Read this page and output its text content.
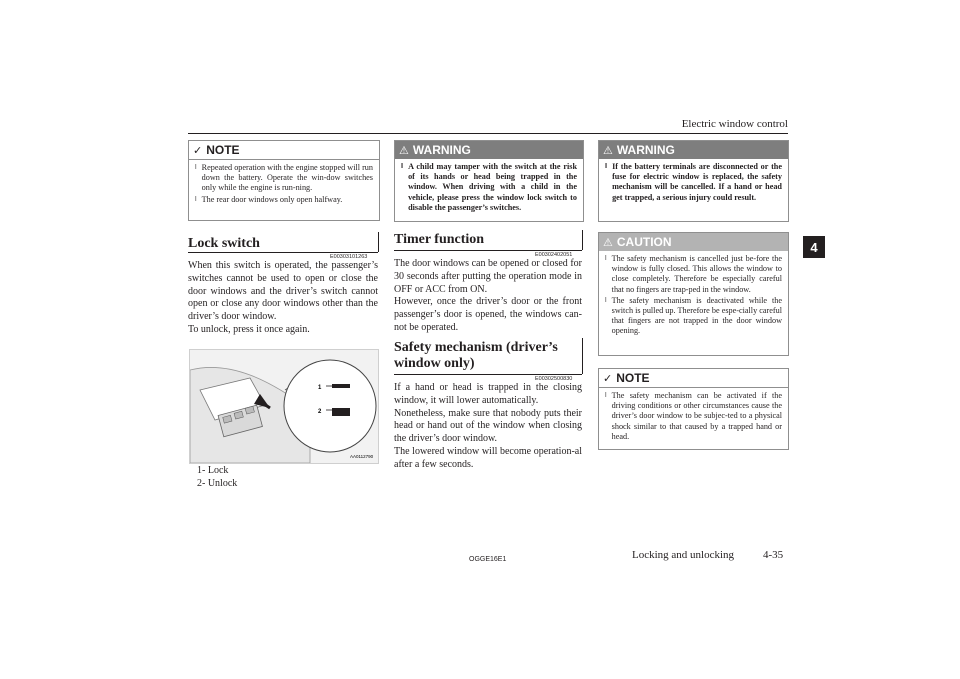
Electric window control
4
✓ NOTE
l Repeated operation with the engine stopped will run down the battery. Operate the win-dow switches only while the engine is run-ning.
l The rear door windows only open halfway.
Lock switch
E00303101263
When this switch is operated, the passenger’s switches cannot be used to open or close the door windows and the driver’s switch cannot open or close any door windows other than the driver’s door window.
To unlock, press it once again.
1
2
AA0112790
1- Lock
2- Unlock
⚠ WARNING
l A child may tamper with the switch at the risk of its hands or head being trapped in the window. When driving with a child in the vehicle, please press the window lock switch to disable the passenger’s switches.
Timer function
E00302402051
The door windows can be opened or closed for 30 seconds after putting the operation mode in OFF or ACC from ON.
However, once the driver’s door or the front passenger’s door is opened, the windows can-not be operated.
Safety mechanism (driver’s
window only)
E00302500830
If a hand or head is trapped in the closing window, it will lower automatically.
Nonetheless, make sure that nobody puts their head or hand out of the window when closing the driver’s door window.
The lowered window will become operation-al after a few seconds.
⚠ WARNING
l If the battery terminals are disconnected or the fuse for electric window is replaced, the safety mechanism will be cancelled. If a hand or head get trapped, a serious injury could result.
⚠ CAUTION
l The safety mechanism is cancelled just be-fore the window is fully closed. This allows the window to close completely. Therefore be especially careful that no fingers are trap-ped in the window.
l The safety mechanism is deactivated while the switch is pulled up. Therefore be espe-cially careful that fingers are not trapped in the door window opening.
✓ NOTE
l The safety mechanism can be activated if the driving conditions or other circumstances cause the driver’s door window to be subjec-ted to a physical shock similar to that caused by a trapped hand or head.
OGGE16E1	Locking and unlocking	4-35
